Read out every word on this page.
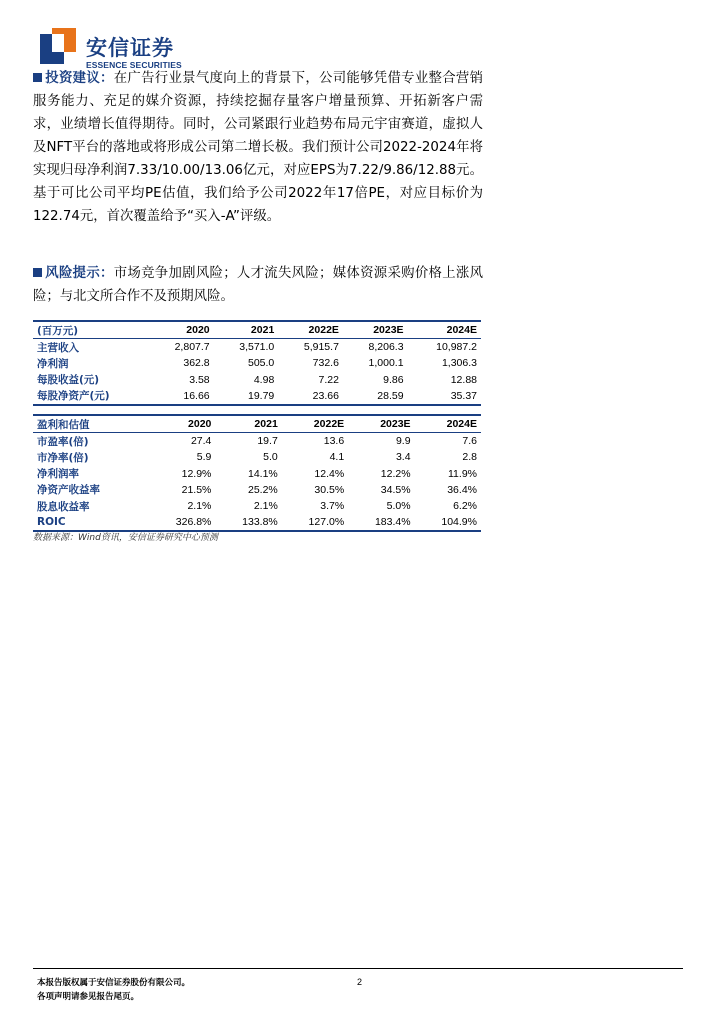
安信证券
ESSENCE SECURITIES
投资建议：在广告行业景气度向上的背景下，公司能够凭借专业整合营销服务能力、充足的媒介资源，持续挖掘存量客户增量预算、开拓新客户需求，业绩增长值得期待。同时，公司紧跟行业趋势布局元宇宙赛道，虚拟人及NFT平台的落地或将形成公司第二增长极。我们预计公司2022-2024年将实现归母净利润7.33/10.00/13.06亿元，对应EPS为7.22/9.86/12.88元。基于可比公司平均PE估值，我们给予公司2022年17倍PE，对应目标价为122.74元，首次覆盖给予“买入-A”评级。
风险提示：市场竞争加剧风险；人才流失风险；媒体资源采购价格上涨风险；与北文所合作不及预期风险。
(百万元)	2020	2021	2022E	2023E	2024E
主营收入	2,807.7	3,571.0	5,915.7	8,206.3	10,987.2
净利润	362.8	505.0	732.6	1,000.1	1,306.3
每股收益(元)	3.58	4.98	7.22	9.86	12.88
每股净资产(元)	16.66	19.79	23.66	28.59	35.37
盈利和估值	2020	2021	2022E	2023E	2024E
市盈率(倍)	27.4	19.7	13.6	9.9	7.6
市净率(倍)	5.9	5.0	4.1	3.4	2.8
净利润率	12.9%	14.1%	12.4%	12.2%	11.9%
净资产收益率	21.5%	25.2%	30.5%	34.5%	36.4%
股息收益率	2.1%	2.1%	3.7%	5.0%	6.2%
ROIC	326.8%	133.8%	127.0%	183.4%	104.9%
数据来源：Wind资讯，安信证券研究中心预测
本报告版权属于安信证券股份有限公司。
各项声明请参见报告尾页。
2
